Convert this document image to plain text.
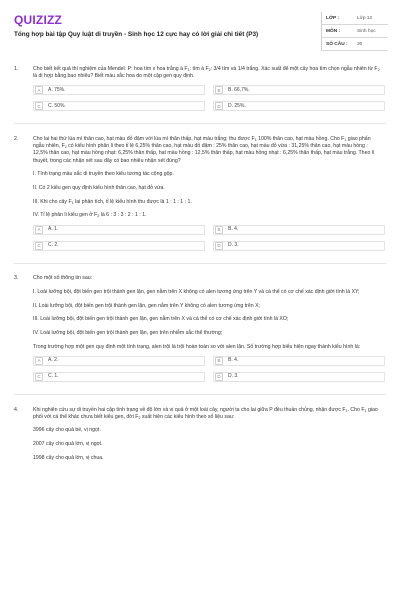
QUIZIZZ
Tổng hợp bài tập Quy luật di truyền - Sinh học 12 cực hay có lời giải chi tiết (P3)
LỚP :	Lớp 12
MÔN :	Sinh học
SỐ CÂU :	30
1.	Cho biết kết quả thí nghiệm của Mendel: P: hoa tím x hoa trắng à $F_1$: tím à $F_2$: 3/4 tím và 1/4 trắng. Xác suất để một cây hoa tím chọn ngẫu nhiên từ $F_2$ là dị hợp bằng bao nhiêu? Biết màu sắc hoa do một cặp gen quy định.

A	A. 75%.	B	B. 66,7%.
C	C. 50%.	D	D. 25%.
2.	Cho lai hai thứ lúa mì thân cao, hạt màu đỏ đậm với lúa mì thân thấp, hạt màu trắng; thu được $F_1$ 100% thân cao, hạt màu hồng. Cho $F_1$ giao phấn ngẫu nhiên, $F_2$ có kiểu hình phân li theo tỉ lệ 6,25% thân cao, hạt màu đỏ đậm : 25% thân cao, hạt màu đỏ vừa : 31,25% thân cao, hạt màu hồng : 12,5% thân cao, hạt màu hồng nhạt: 6,25% thân thấp, hạt màu hồng : 12,5% thân thấp, hạt màu hồng nhạt : 6,25% thân thấp, hạt màu trắng. Theo lí thuyết, trong các nhận xét sau đây có bao nhiêu nhận xét đúng?

I. Tính trạng màu sắc di truyền theo kiểu tương tác cộng gộp.

II. Có 2 kiểu gen quy định kiểu hình thân cao, hạt đỏ vừa.

III. Khi cho cây $F_1$ lai phân tích, tỉ lệ kiểu hình thu được là 1 : 1 : 1 : 1.

IV. Tỉ lệ phân li kiểu gen ở $F_2$ là 6 : 3 : 3 : 2 : 1 : 1.

A	A. 1.	B	B. 4.
C	C. 2.	D	D. 3.
3.	Cho một số thông tin sau:

I. Loài lưỡng bội, đột biến gen trội thành gen lặn, gen nằm trên X không có alen tương ứng trên Y và cá thể có cơ chế xác định giới tính là XY;

II. Loài lưỡng bội, đột biến gen trội thành gen lặn, gen nằm trên Y không có alen tương ứng trên X;

III. Loài lưỡng bội, đột biến gen trội thành gen lặn, gen nằm trên X và cá thể có cơ chế xác định giới tính là XO;

IV. Loài lưỡng bội, đột biến gen trội thành gen lặn, gen trên nhiễm sắc thể thường;

Trong trường hợp một gen quy định một tính trạng, alen trội là trội hoàn toàn so với alen lặn. Số trường hợp biểu hiện ngay thành kiểu hình là:

A	A. 2.	B	B. 4.
C	C. 1.	D	D. 3.
4.	Khi nghiên cứu sự di truyền hai cặp tính trạng về độ lớn và vị quả ở một loài cây, người ta cho lai giữa P đều thuần chủng, nhận được $F_1$. Cho $F_1$ giao phối với cá thể khác chưa biết kiểu gen, đời $F_2$ xuất hiện các kiểu hình theo số liệu sau:

3996 cây cho quả bé, vị ngọt.

2007 cây cho quả lớn, vị ngọt.

1998 cây cho quả lớn, vị chua.
